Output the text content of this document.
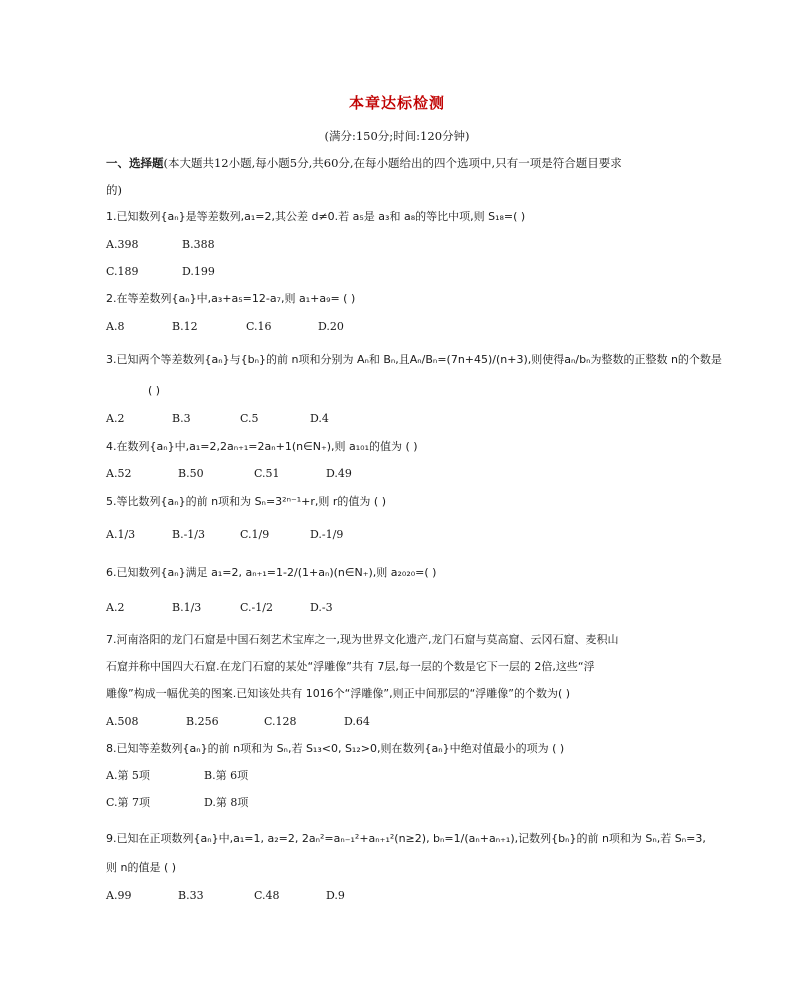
本章达标检测
(满分:150分;时间:120分钟)
一、选择题(本大题共12小题,每小题5分,共60分,在每小题给出的四个选项中,只有一项是符合题目要求
的)
1.已知数列{aₙ}是等差数列,a₁=2,其公差 d≠0.若 a₅是 a₃和 a₈的等比中项,则 S₁₈=( )
A.398	B.388
C.189	D.199
2.在等差数列{aₙ}中,a₃+a₅=12-a₇,则 a₁+a₉= ( )
A.8	B.12	C.16	D.20
3.已知两个等差数列{aₙ}与{bₙ}的前 n项和分别为 Aₙ和 Bₙ,且Aₙ/Bₙ=(7n+45)/(n+3),则使得aₙ/bₙ为整数的正整数 n的个数是
( )
A.2	B.3	C.5	D.4
4.在数列{aₙ}中,a₁=2,2aₙ₊₁=2aₙ+1(n∈N₊),则 a₁₀₁的值为 ( )
A.52	B.50	C.51	D.49
5.等比数列{aₙ}的前 n项和为 Sₙ=3²ⁿ⁻¹+r,则 r的值为 ( )
A.1/3	B.-1/3	C.1/9	D.-1/9
6.已知数列{aₙ}满足 a₁=2, aₙ₊₁=1-2/(1+aₙ)(n∈N₊),则 a₂₀₂₀=( )
A.2	B.1/3	C.-1/2	D.-3
7.河南洛阳的龙门石窟是中国石刻艺术宝库之一,现为世界文化遗产,龙门石窟与莫高窟、云冈石窟、麦积山
石窟并称中国四大石窟.在龙门石窟的某处“浮雕像”共有 7层,每一层的个数是它下一层的 2倍,这些“浮
雕像”构成一幅优美的图案.已知该处共有 1016个“浮雕像”,则正中间那层的“浮雕像”的个数为( )
A.508	B.256	C.128	D.64
8.已知等差数列{aₙ}的前 n项和为 Sₙ,若 S₁₃<0, S₁₂>0,则在数列{aₙ}中绝对值最小的项为 ( )
A.第 5项	B.第 6项
C.第 7项	D.第 8项
9.已知在正项数列{aₙ}中,a₁=1, a₂=2, 2aₙ²=aₙ₋₁²+aₙ₊₁²(n≥2), bₙ=1/(aₙ+aₙ₊₁),记数列{bₙ}的前 n项和为 Sₙ,若 Sₙ=3,
则 n的值是 ( )
A.99	B.33	C.48	D.9
